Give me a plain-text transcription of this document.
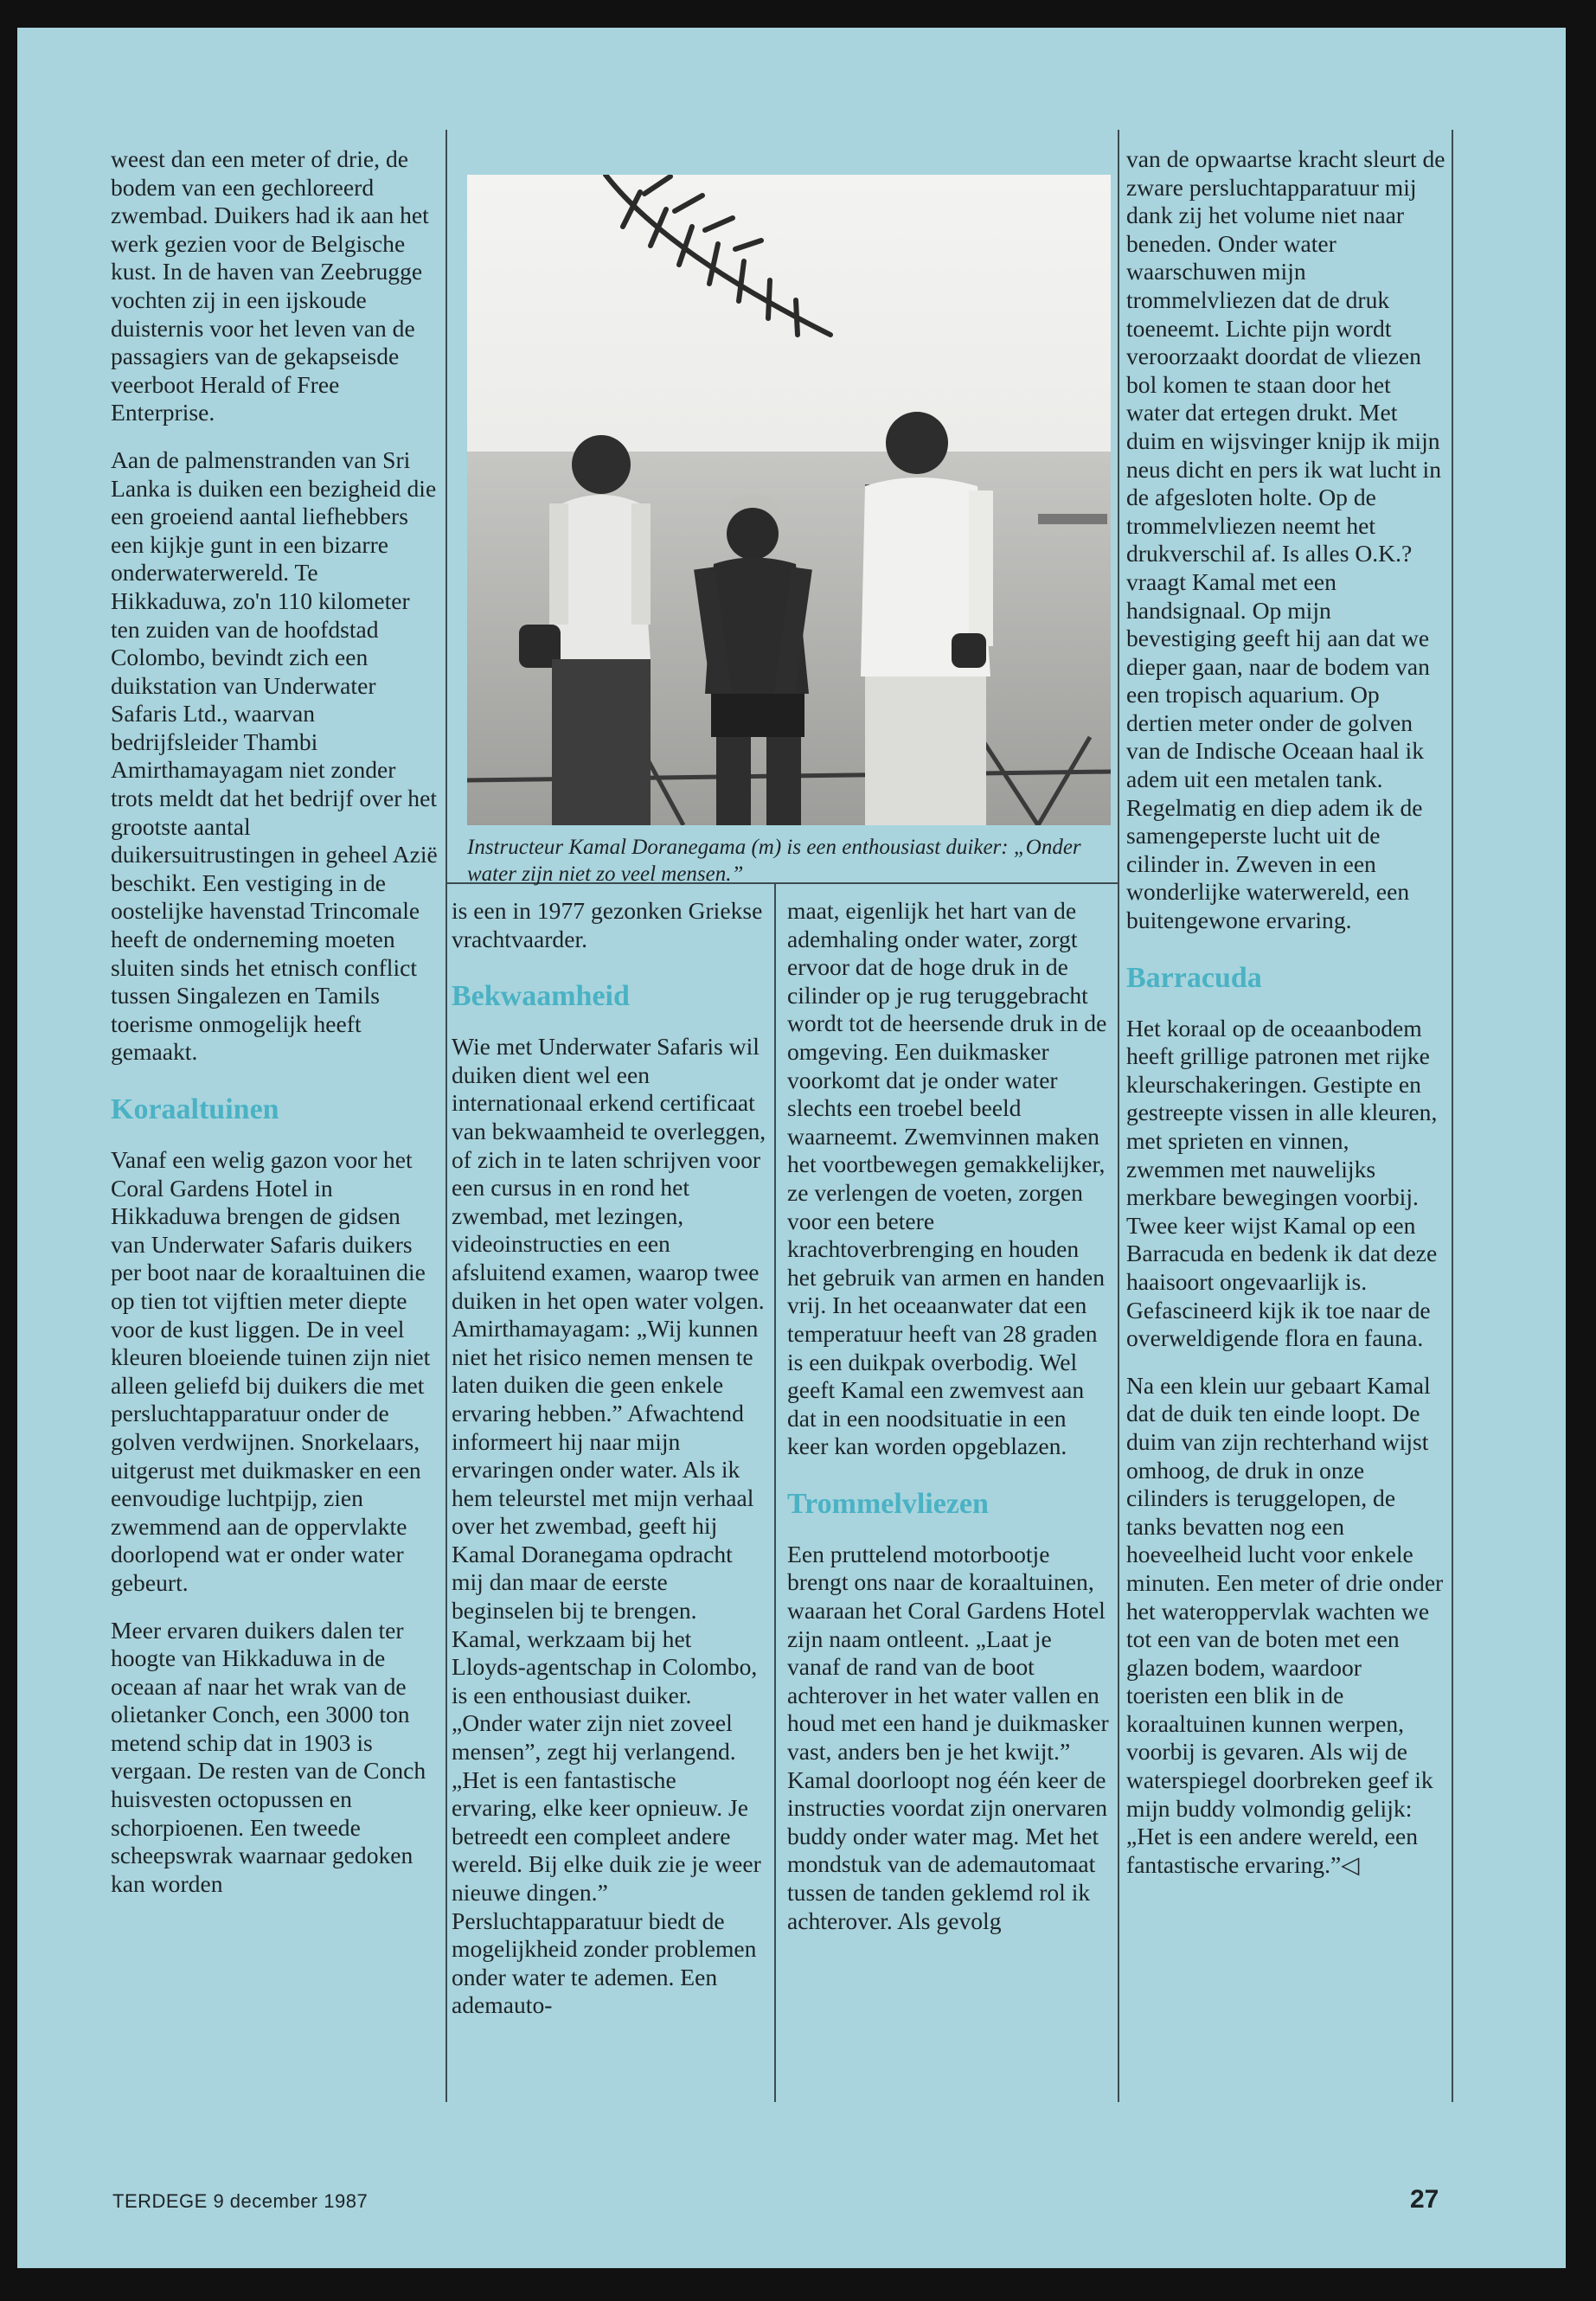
weest dan een meter of drie, de bodem van een gechloreerd zwembad. Duikers had ik aan het werk gezien voor de Belgische kust. In de haven van Zeebrugge vochten zij in een ijskoude duisternis voor het leven van de passagiers van de gekapseisde veerboot Herald of Free Enterprise.

Aan de palmenstranden van Sri Lanka is duiken een bezigheid die een groeiend aantal liefhebbers een kijkje gunt in een bizarre onderwaterwereld. Te Hikkaduwa, zo'n 110 kilometer ten zuiden van de hoofdstad Colombo, bevindt zich een duikstation van Underwater Safaris Ltd., waarvan bedrijfsleider Thambi Amirthamayagam niet zonder trots meldt dat het bedrijf over het grootste aantal duikersuitrustingen in geheel Azië beschikt. Een vestiging in de oostelijke havenstad Trincomale heeft de onderneming moeten sluiten sinds het etnisch conflict tussen Singalezen en Tamils toerisme onmogelijk heeft gemaakt.

Koraaltuinen

Vanaf een welig gazon voor het Coral Gardens Hotel in Hikkaduwa brengen de gidsen van Underwater Safaris duikers per boot naar de koraaltuinen die op tien tot vijftien meter diepte voor de kust liggen. De in veel kleuren bloeiende tuinen zijn niet alleen geliefd bij duikers die met persluchtapparatuur onder de golven verdwijnen. Snorkelaars, uitgerust met duikmasker en een eenvoudige luchtpijp, zien zwemmend aan de oppervlakte doorlopend wat er onder water gebeurt.

Meer ervaren duikers dalen ter hoogte van Hikkaduwa in de oceaan af naar het wrak van de olietanker Conch, een 3000 ton metend schip dat in 1903 is vergaan. De resten van de Conch huisvesten octopussen en schorpioenen. Een tweede scheepswrak waarnaar gedoken kan worden

Instructeur Kamal Doranegama (m) is een enthousiast duiker: „Onder water zijn niet zo veel mensen.”

is een in 1977 gezonken Griekse vrachtvaarder.

Bekwaamheid

Wie met Underwater Safaris wil duiken dient wel een internationaal erkend certificaat van bekwaamheid te overleggen, of zich in te laten schrijven voor een cursus in en rond het zwembad, met lezingen, videoinstructies en een afsluitend examen, waarop twee duiken in het open water volgen. Amirthamayagam: „Wij kunnen niet het risico nemen mensen te laten duiken die geen enkele ervaring hebben.” Afwachtend informeert hij naar mijn ervaringen onder water. Als ik hem teleurstel met mijn verhaal over het zwembad, geeft hij Kamal Doranegama opdracht mij dan maar de eerste beginselen bij te brengen. Kamal, werkzaam bij het Lloyds-agentschap in Colombo, is een enthousiast duiker. „Onder water zijn niet zoveel mensen”, zegt hij verlangend. „Het is een fantastische ervaring, elke keer opnieuw. Je betreedt een compleet andere wereld. Bij elke duik zie je weer nieuwe dingen.” Persluchtapparatuur biedt de mogelijkheid zonder problemen onder water te ademen. Een ademauto-

maat, eigenlijk het hart van de ademhaling onder water, zorgt ervoor dat de hoge druk in de cilinder op je rug teruggebracht wordt tot de heersende druk in de omgeving. Een duikmasker voorkomt dat je onder water slechts een troebel beeld waarneemt. Zwemvinnen maken het voortbewegen gemakkelijker, ze verlengen de voeten, zorgen voor een betere krachtoverbrenging en houden het gebruik van armen en handen vrij. In het oceaanwater dat een temperatuur heeft van 28 graden is een duikpak overbodig. Wel geeft Kamal een zwemvest aan dat in een noodsituatie in een keer kan worden opgeblazen.

Trommelvliezen

Een pruttelend motorbootje brengt ons naar de koraaltuinen, waaraan het Coral Gardens Hotel zijn naam ontleent. „Laat je vanaf de rand van de boot achterover in het water vallen en houd met een hand je duikmasker vast, anders ben je het kwijt.” Kamal doorloopt nog één keer de instructies voordat zijn onervaren buddy onder water mag. Met het mondstuk van de ademautomaat tussen de tanden geklemd rol ik achterover. Als gevolg

van de opwaartse kracht sleurt de zware persluchtapparatuur mij dank zij het volume niet naar beneden. Onder water waarschuwen mijn trommelvliezen dat de druk toeneemt. Lichte pijn wordt veroorzaakt doordat de vliezen bol komen te staan door het water dat ertegen drukt. Met duim en wijsvinger knijp ik mijn neus dicht en pers ik wat lucht in de afgesloten holte. Op de trommelvliezen neemt het drukverschil af. Is alles O.K.? vraagt Kamal met een handsignaal. Op mijn bevestiging geeft hij aan dat we dieper gaan, naar de bodem van een tropisch aquarium. Op dertien meter onder de golven van de Indische Oceaan haal ik adem uit een metalen tank. Regelmatig en diep adem ik de samengeperste lucht uit de cilinder in. Zweven in een wonderlijke waterwereld, een buitengewone ervaring.

Barracuda

Het koraal op de oceaanbodem heeft grillige patronen met rijke kleurschakeringen. Gestipte en gestreepte vissen in alle kleuren, met sprieten en vinnen, zwemmen met nauwelijks merkbare bewegingen voorbij. Twee keer wijst Kamal op een Barracuda en bedenk ik dat deze haaisoort ongevaarlijk is. Gefascineerd kijk ik toe naar de overweldigende flora en fauna.

Na een klein uur gebaart Kamal dat de duik ten einde loopt. De duim van zijn rechterhand wijst omhoog, de druk in onze cilinders is teruggelopen, de tanks bevatten nog een hoeveelheid lucht voor enkele minuten. Een meter of drie onder het wateroppervlak wachten we tot een van de boten met een glazen bodem, waardoor toeristen een blik in de koraaltuinen kunnen werpen, voorbij is gevaren. Als wij de waterspiegel doorbreken geef ik mijn buddy volmondig gelijk: „Het is een andere wereld, een fantastische ervaring.”◁

TERDEGE 9 december 1987	27
